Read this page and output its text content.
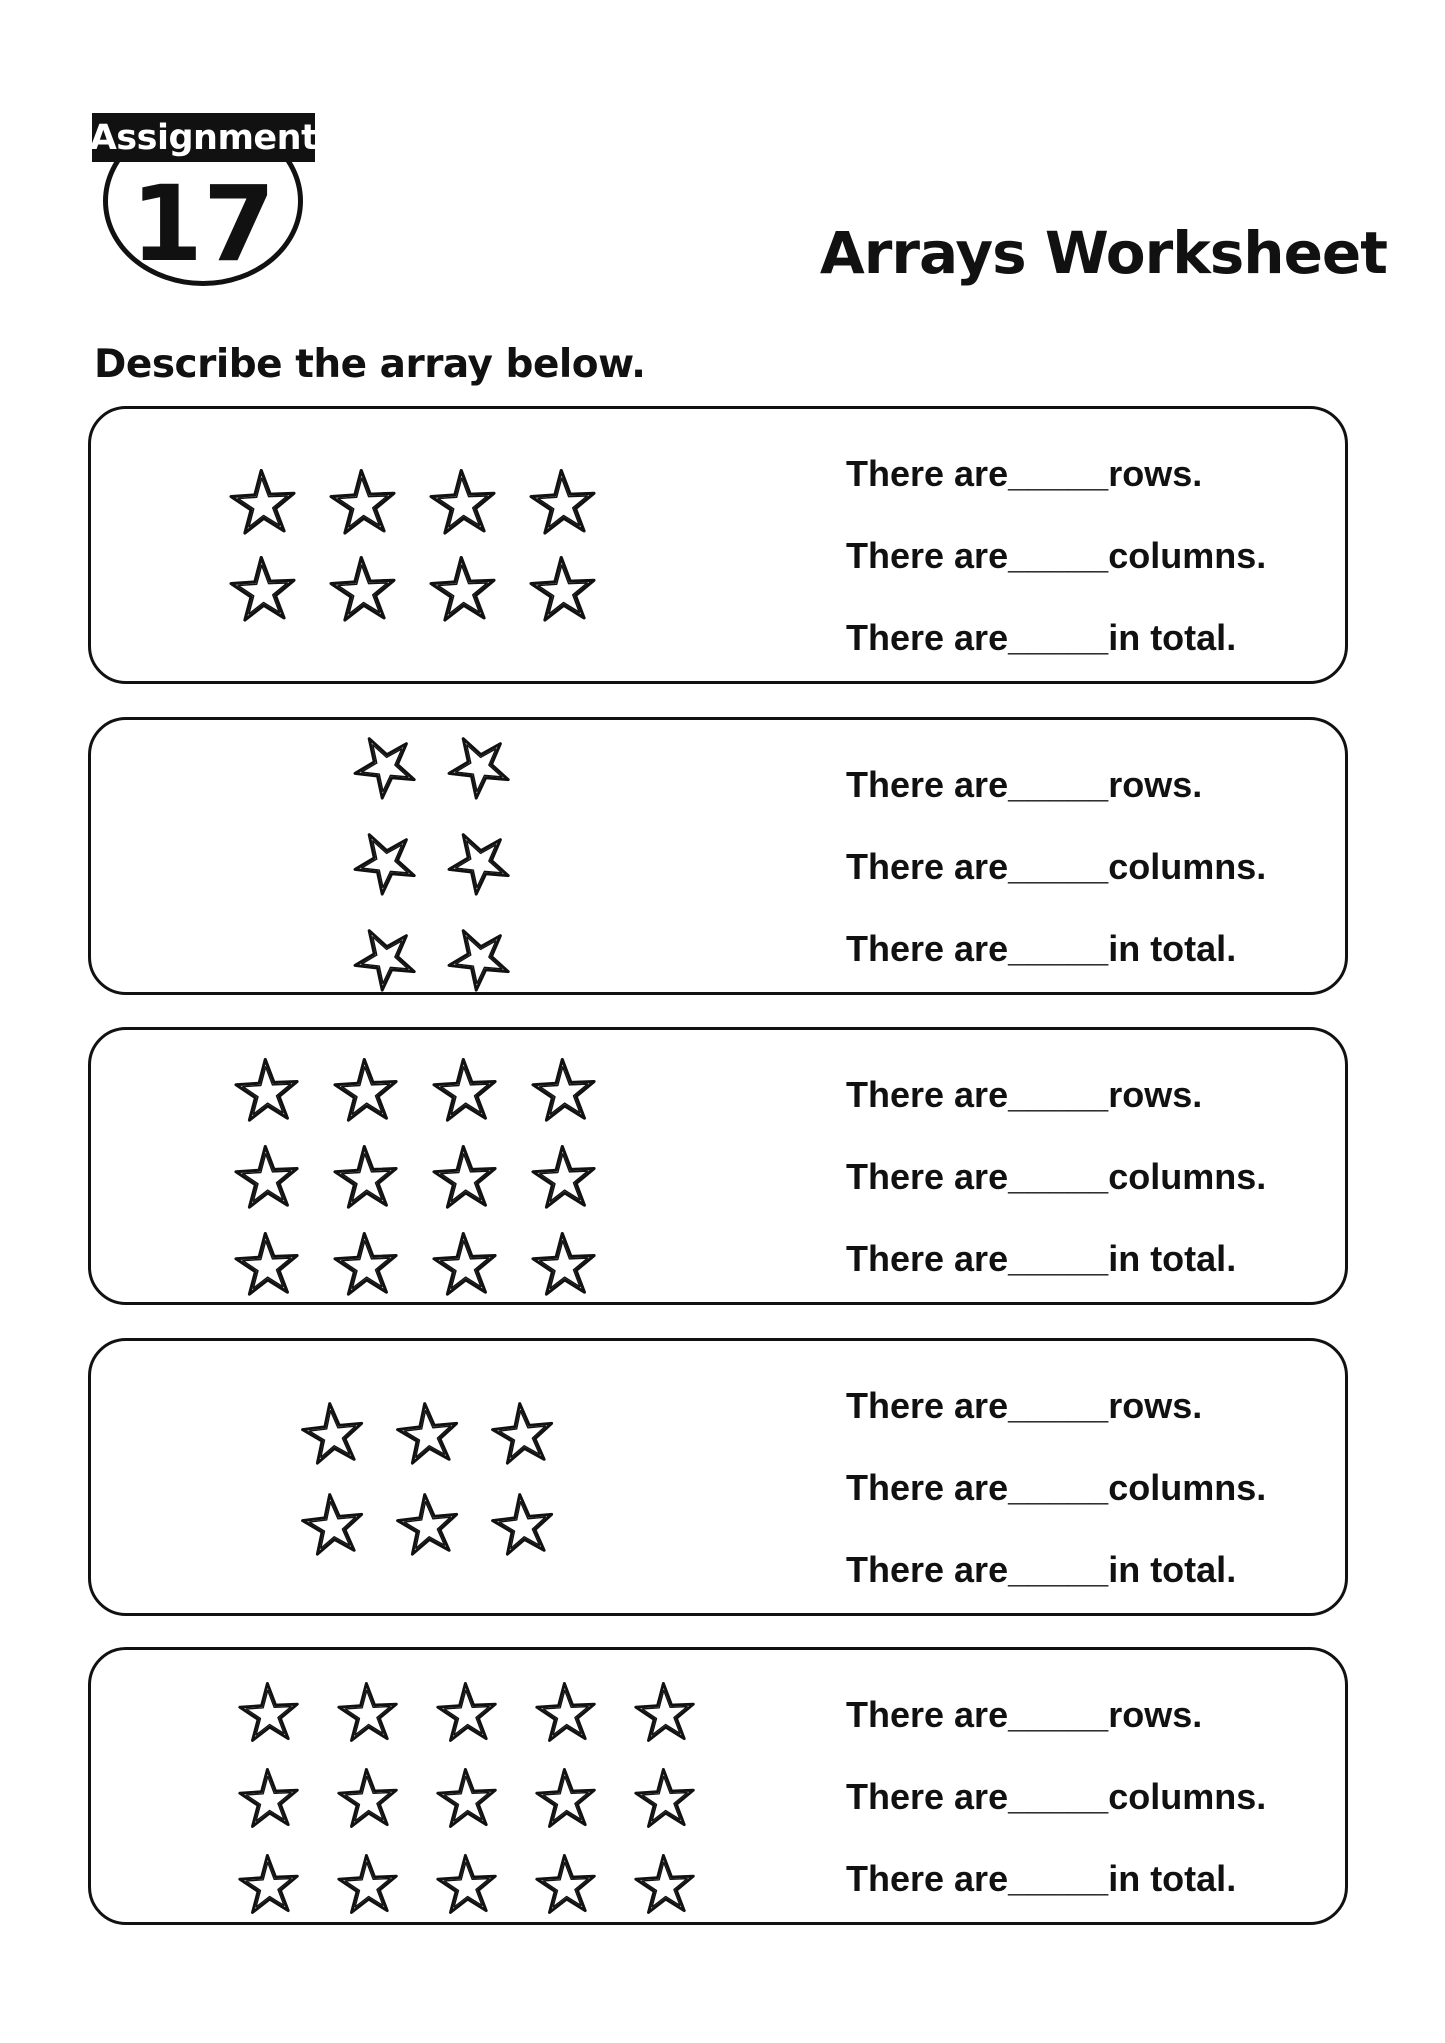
Assignment
17	Arrays Worksheet
Describe the array below.
There are _____ rows.
There are _____ columns.
There are _____ in total.
There are _____ rows.
There are _____ columns.
There are _____ in total.
There are _____ rows.
There are _____ columns.
There are _____ in total.
There are _____ rows.
There are _____ columns.
There are _____ in total.
There are _____ rows.
There are _____ columns.
There are _____ in total.
